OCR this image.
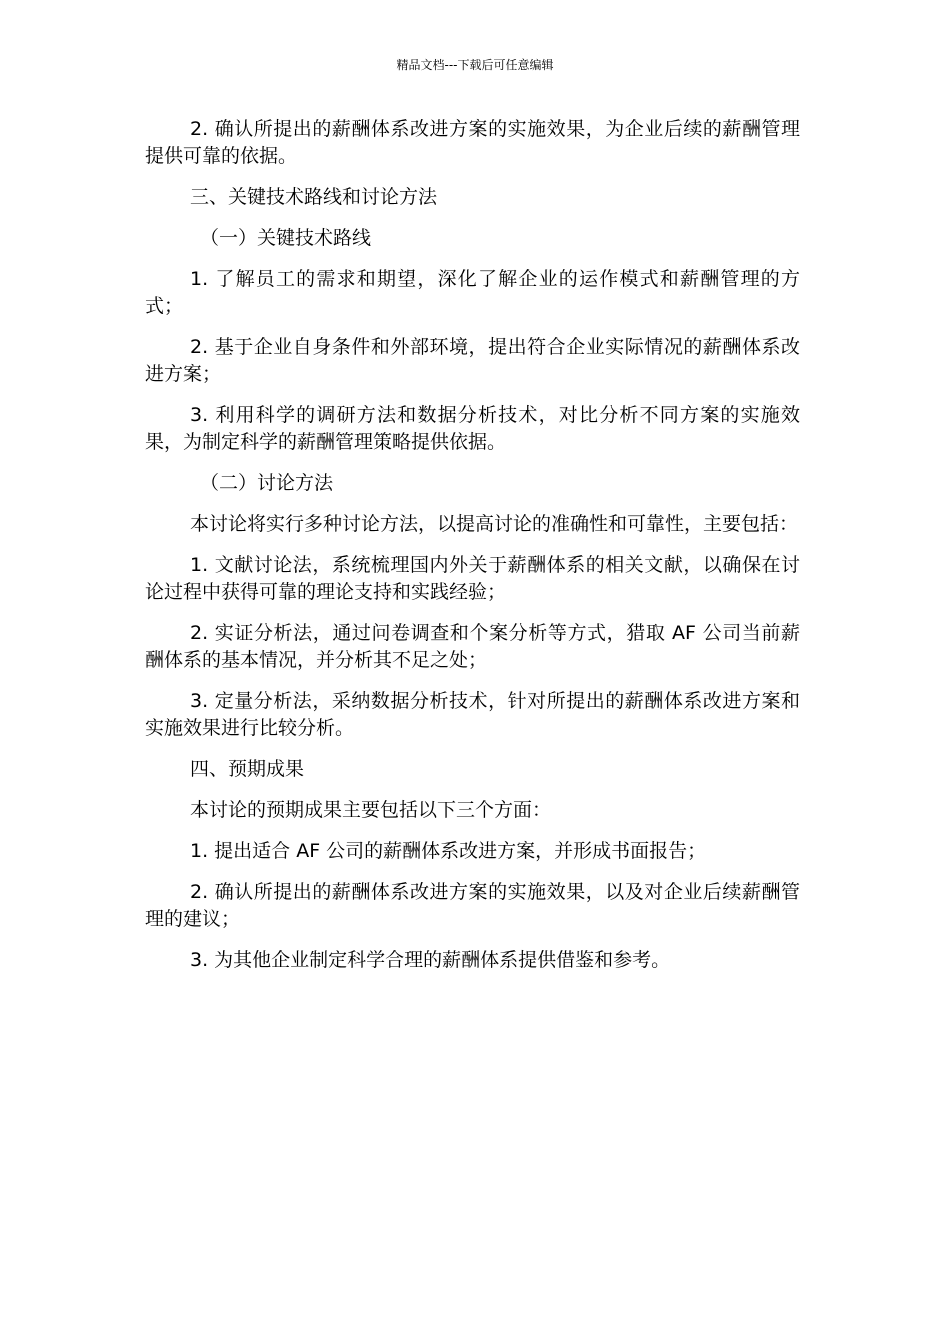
精品文档---下载后可任意编辑

2. 确认所提出的薪酬体系改进方案的实施效果，为企业后续的薪酬管理提供可靠的依据。

三、关键技术路线和讨论方法

（一）关键技术路线

1. 了解员工的需求和期望，深化了解企业的运作模式和薪酬管理的方式；

2. 基于企业自身条件和外部环境，提出符合企业实际情况的薪酬体系改进方案；

3. 利用科学的调研方法和数据分析技术，对比分析不同方案的实施效果，为制定科学的薪酬管理策略提供依据。

（二）讨论方法

本讨论将实行多种讨论方法，以提高讨论的准确性和可靠性，主要包括：

1. 文献讨论法，系统梳理国内外关于薪酬体系的相关文献，以确保在讨论过程中获得可靠的理论支持和实践经验；

2. 实证分析法，通过问卷调查和个案分析等方式，猎取 AF 公司当前薪酬体系的基本情况，并分析其不足之处；

3. 定量分析法，采纳数据分析技术，针对所提出的薪酬体系改进方案和实施效果进行比较分析。

四、预期成果

本讨论的预期成果主要包括以下三个方面：

1. 提出适合 AF 公司的薪酬体系改进方案，并形成书面报告；

2. 确认所提出的薪酬体系改进方案的实施效果，以及对企业后续薪酬管理的建议；

3. 为其他企业制定科学合理的薪酬体系提供借鉴和参考。
